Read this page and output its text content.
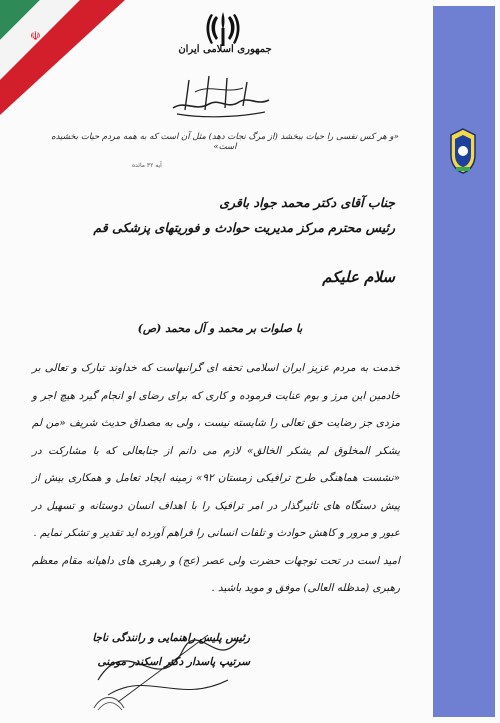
☫
جمهوری اسلامی ایران
«و هر کس نفسی را حیات ببخشد (از مرگ نجات دهد) مثل آن است که به همه مردم حیات بخشیده است»
آیه ۳۲ مائده
جناب آقای دکتر محمد جواد باقری
رئیس محترم مرکز مدیریت حوادث و فوریتهای پزشکی قم
سلام علیکم
با صلوات بر محمد و آل محمد (ص)

خدمت به مردم عزیز ایران اسلامی تحفه ای گرانبهاست که خداوند تبارک و تعالی بر خادمین این مرز و بوم عنایت فرموده و کاری که برای رضای او انجام گیرد هیچ اجر و مزدی جز رضایت حق تعالی را شایسته نیست ، ولی به مصداق حدیث شریف «من لم یشکر المخلوق لم یشکر الخالق» لازم می دانم از جنابعالی که با مشارکت در «نشست هماهنگی طرح ترافیکی زمستان ۹۲» زمینه ایجاد تعامل و همکاری بیش از پیش دستگاه های تاثیرگذار در امر ترافیک را با اهداف انسان دوستانه و تسهیل در عبور و مرور و کاهش حوادث و تلفات انسانی را فراهم آورده اید تقدیر و تشکر نمایم .

امید است در تحت توجهات حضرت ولی عصر (عج) و رهبری های داهیانه مقام معظم رهبری (مدظله العالی) موفق و موید باشید .

رئیس پلیس راهنمایی و رانندگی ناجا
سرتیپ پاسدار دکتر اسکندر مومنی
